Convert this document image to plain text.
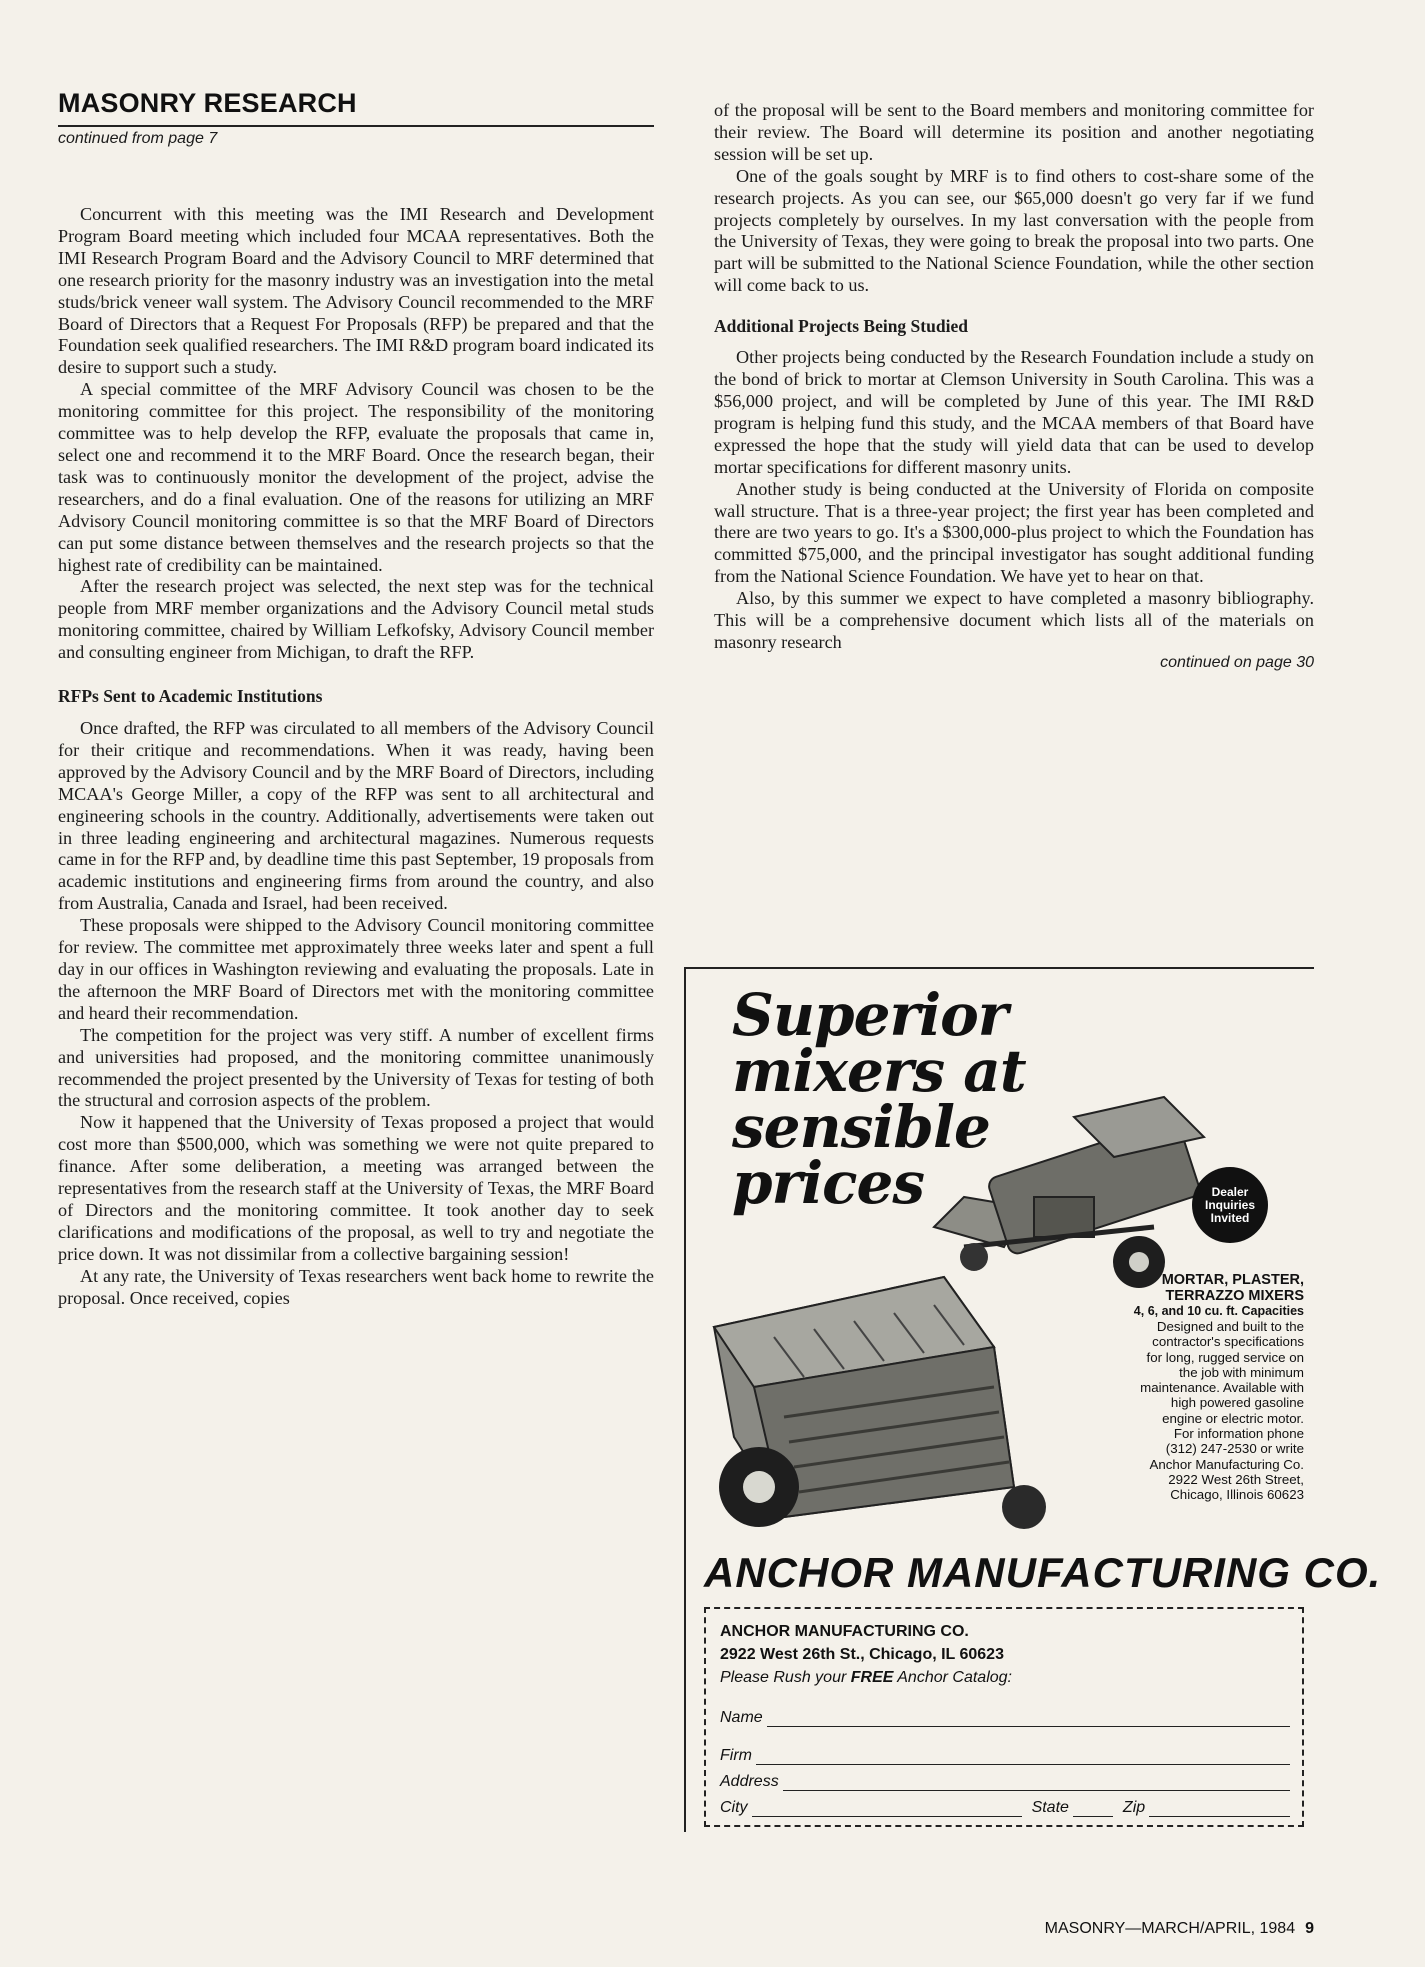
MASONRY RESEARCH

continued from page 7

Concurrent with this meeting was the IMI Research and Development Program Board meeting which included four MCAA representatives. Both the IMI Research Program Board and the Advisory Council to MRF determined that one research priority for the masonry industry was an investigation into the metal studs/brick veneer wall system. The Advisory Council recommended to the MRF Board of Directors that a Request For Proposals (RFP) be prepared and that the Foundation seek qualified researchers. The IMI R&D program board indicated its desire to support such a study.

A special committee of the MRF Advisory Council was chosen to be the monitoring committee for this project. The responsibility of the monitoring committee was to help develop the RFP, evaluate the proposals that came in, select one and recommend it to the MRF Board. Once the research began, their task was to continuously monitor the development of the project, advise the researchers, and do a final evaluation. One of the reasons for utilizing an MRF Advisory Council monitoring committee is so that the MRF Board of Directors can put some distance between themselves and the research projects so that the highest rate of credibility can be maintained.

After the research project was selected, the next step was for the technical people from MRF member organizations and the Advisory Council metal studs monitoring committee, chaired by William Lefkofsky, Advisory Council member and consulting engineer from Michigan, to draft the RFP.

RFPs Sent to Academic Institutions

Once drafted, the RFP was circulated to all members of the Advisory Council for their critique and recommendations. When it was ready, having been approved by the Advisory Council and by the MRF Board of Directors, including MCAA's George Miller, a copy of the RFP was sent to all architectural and engineering schools in the country. Additionally, advertisements were taken out in three leading engineering and architectural magazines. Numerous requests came in for the RFP and, by deadline time this past September, 19 proposals from academic institutions and engineering firms from around the country, and also from Australia, Canada and Israel, had been received.

These proposals were shipped to the Advisory Council monitoring committee for review. The committee met approximately three weeks later and spent a full day in our offices in Washington reviewing and evaluating the proposals. Late in the afternoon the MRF Board of Directors met with the monitoring committee and heard their recommendation.

The competition for the project was very stiff. A number of excellent firms and universities had proposed, and the monitoring committee unanimously recommended the project presented by the University of Texas for testing of both the structural and corrosion aspects of the problem.

Now it happened that the University of Texas proposed a project that would cost more than $500,000, which was something we were not quite prepared to finance. After some deliberation, a meeting was arranged between the representatives from the research staff at the University of Texas, the MRF Board of Directors and the monitoring committee. It took another day to seek clarifications and modifications of the proposal, as well to try and negotiate the price down. It was not dissimilar from a collective bargaining session!

At any rate, the University of Texas researchers went back home to rewrite the proposal. Once received, copies

of the proposal will be sent to the Board members and monitoring committee for their review. The Board will determine its position and another negotiating session will be set up.

One of the goals sought by MRF is to find others to cost-share some of the research projects. As you can see, our $65,000 doesn't go very far if we fund projects completely by ourselves. In my last conversation with the people from the University of Texas, they were going to break the proposal into two parts. One part will be submitted to the National Science Foundation, while the other section will come back to us.

Additional Projects Being Studied

Other projects being conducted by the Research Foundation include a study on the bond of brick to mortar at Clemson University in South Carolina. This was a $56,000 project, and will be completed by June of this year. The IMI R&D program is helping fund this study, and the MCAA members of that Board have expressed the hope that the study will yield data that can be used to develop mortar specifications for different masonry units.

Another study is being conducted at the University of Florida on composite wall structure. That is a three-year project; the first year has been completed and there are two years to go. It's a $300,000-plus project to which the Foundation has committed $75,000, and the principal investigator has sought additional funding from the National Science Foundation. We have yet to hear on that.

Also, by this summer we expect to have completed a masonry bibliography. This will be a comprehensive document which lists all of the materials on masonry research

continued on page 30

Superior
mixers at
sensible
prices	Dealer
Inquiries
Invited
MORTAR, PLASTER,
TERRAZZO MIXERS
4, 6, and 10 cu. ft. Capacities
Designed and built to the
contractor's specifications
for long, rugged service on
the job with minimum
maintenance. Available with
high powered gasoline
engine or electric motor.
For information phone
(312) 247-2530 or write
Anchor Manufacturing Co.
2922 West 26th Street,
Chicago, Illinois 60623
ANCHOR MANUFACTURING CO.
ANCHOR MANUFACTURING CO.
2922 West 26th St., Chicago, IL 60623
Please Rush your FREE Anchor Catalog:
Name
Firm
Address
City	State	Zip
MASONRY—MARCH/APRIL, 1984 9
